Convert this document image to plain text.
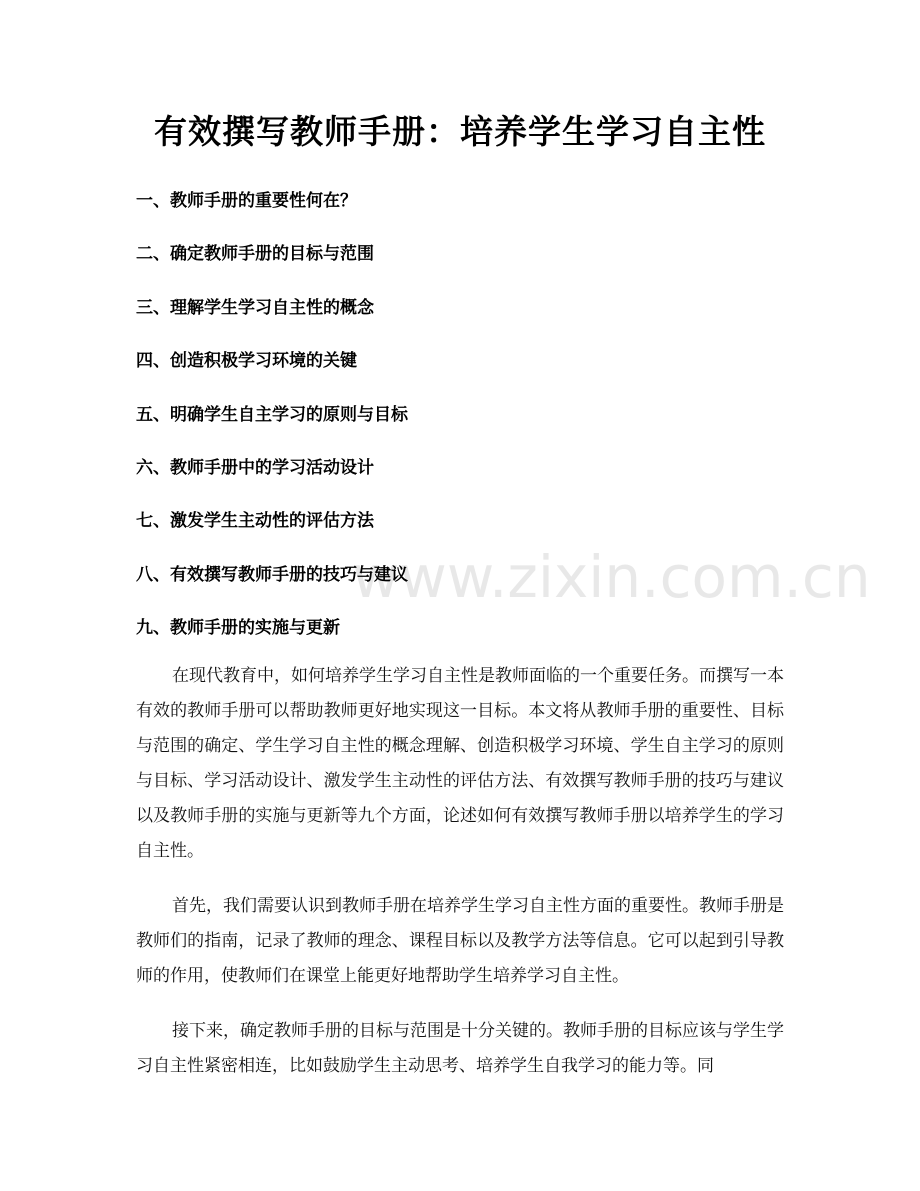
www.zixin.com.cn
有效撰写教师手册：培养学生学习自主性
一、教师手册的重要性何在？
二、确定教师手册的目标与范围
三、理解学生学习自主性的概念
四、创造积极学习环境的关键
五、明确学生自主学习的原则与目标
六、教师手册中的学习活动设计
七、激发学生主动性的评估方法
八、有效撰写教师手册的技巧与建议
九、教师手册的实施与更新

在现代教育中，如何培养学生学习自主性是教师面临的一个重要任务。而撰写一本有效的教师手册可以帮助教师更好地实现这一目标。本文将从教师手册的重要性、目标与范围的确定、学生学习自主性的概念理解、创造积极学习环境、学生自主学习的原则与目标、学习活动设计、激发学生主动性的评估方法、有效撰写教师手册的技巧与建议以及教师手册的实施与更新等九个方面，论述如何有效撰写教师手册以培养学生的学习自主性。

首先，我们需要认识到教师手册在培养学生学习自主性方面的重要性。教师手册是教师们的指南，记录了教师的理念、课程目标以及教学方法等信息。它可以起到引导教师的作用，使教师们在课堂上能更好地帮助学生培养学习自主性。

接下来，确定教师手册的目标与范围是十分关键的。教师手册的目标应该与学生学习自主性紧密相连，比如鼓励学生主动思考、培养学生自我学习的能力等。同
